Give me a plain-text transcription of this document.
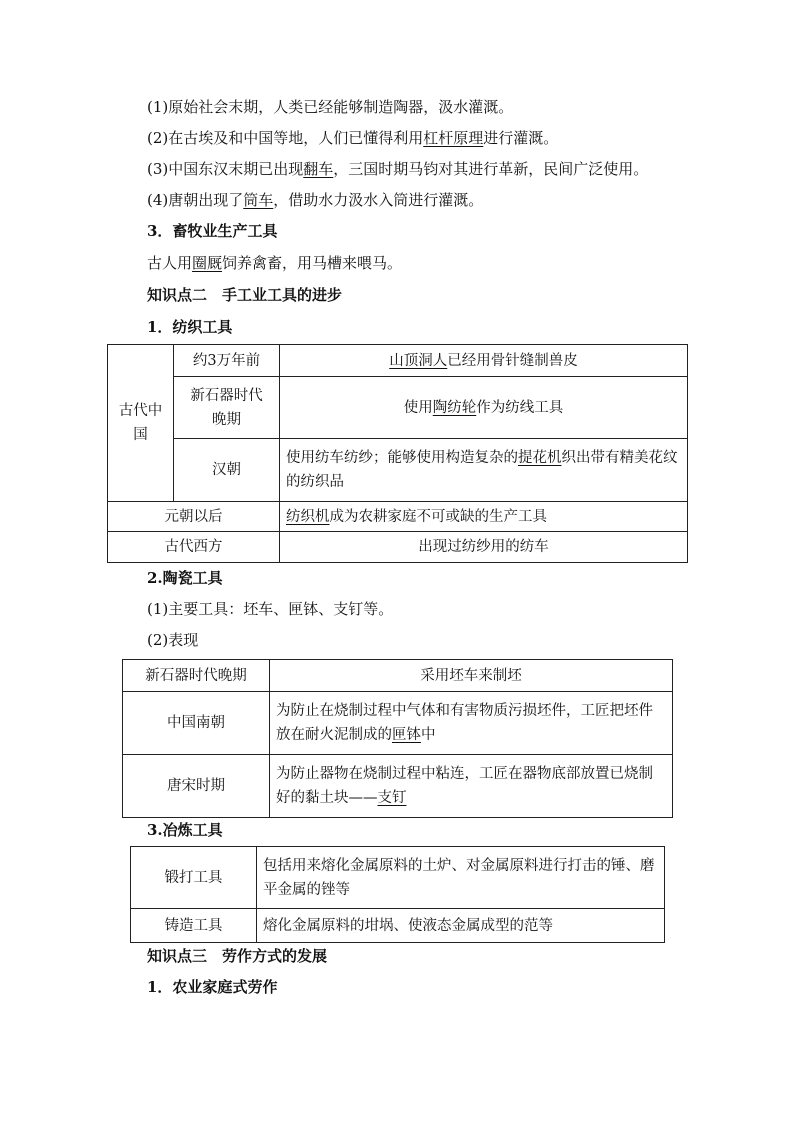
(1)原始社会末期，人类已经能够制造陶器，汲水灌溉。
(2)在古埃及和中国等地，人们已懂得利用杠杆原理进行灌溉。
(3)中国东汉末期已出现翻车，三国时期马钧对其进行革新，民间广泛使用。
(4)唐朝出现了筒车，借助水力汲水入筒进行灌溉。
3．畜牧业生产工具
古人用圈厩饲养禽畜，用马槽来喂马。
知识点二　手工业工具的进步
1．纺织工具
古代中国	约3万年前	山顶洞人已经用骨针缝制兽皮

	新石器时代晚期	使用陶纺轮作为纺线工具
	汉朝	使用纺车纺纱；能够使用构造复杂的提花机织出带有精美花纹的纺织品
元朝以后		纺织机成为农耕家庭不可或缺的生产工具
古代西方		出现过纺纱用的纺车
2.陶瓷工具
(1)主要工具：坯车、匣钵、支钉等。
(2)表现
新石器时代晚期	采用坯车来制坯
中国南朝	为防止在烧制过程中气体和有害物质污损坯件，工匠把坯件放在耐火泥制成的匣钵中
唐宋时期	为防止器物在烧制过程中粘连，工匠在器物底部放置已烧制好的黏土块——支钉
3.冶炼工具
锻打工具	包括用来熔化金属原料的土炉、对金属原料进行打击的锤、磨平金属的锉等
铸造工具	熔化金属原料的坩埚、使液态金属成型的范等
知识点三　劳作方式的发展
1．农业家庭式劳作
